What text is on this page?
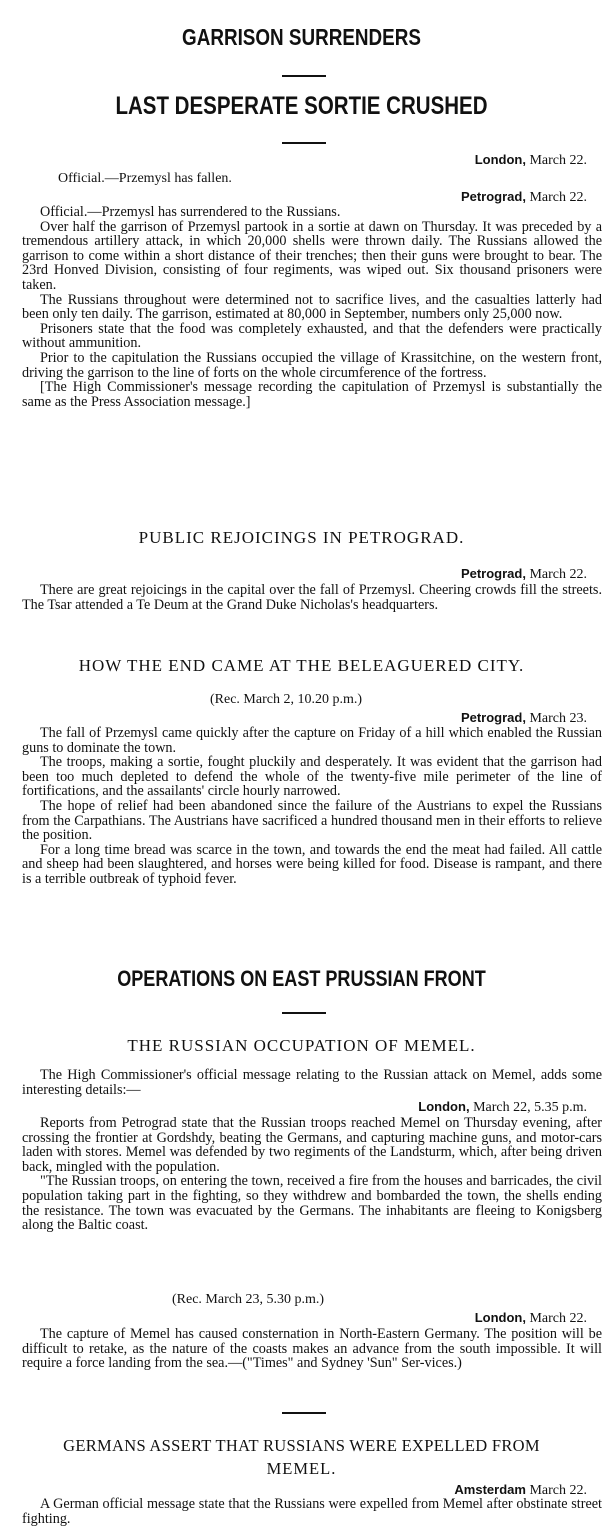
GARRISON SURRENDERS
LAST DESPERATE SORTIE CRUSHED
London, March 22.
Official.—Przemysl has fallen.
Petrograd, March 22.

Official.—Przemysl has surrendered to the Russians.

Over half the garrison of Przemysl partook in a sortie at dawn on Thursday. It was preceded by a tremendous artillery attack, in which 20,000 shells were thrown daily. The Russians allowed the garrison to come within a short distance of their trenches; then their guns were brought to bear. The 23rd Honved Division, consisting of four regiments, was wiped out. Six thousand prisoners were taken.

The Russians throughout were determined not to sacrifice lives, and the casualties latterly had been only ten daily. The garrison, estimated at 80,000 in September, numbers only 25,000 now.

Prisoners state that the food was completely exhausted, and that the defenders were practically without ammunition.

Prior to the capitulation the Russians occupied the village of Krassitchine, on the western front, driving the garrison to the line of forts on the whole circumference of the fortress.

[The High Commissioner's message recording the capitulation of Przemysl is substantially the same as the Press Association message.]

PUBLIC REJOICINGS IN PETROGRAD.
Petrograd, March 22.

There are great rejoicings in the capital over the fall of Przemysl. Cheering crowds fill the streets. The Tsar attended a Te Deum at the Grand Duke Nicholas's headquarters.

HOW THE END CAME AT THE BELEAGUERED CITY.
(Rec. March 2, 10.20 p.m.)
Petrograd, March 23.

The fall of Przemysl came quickly after the capture on Friday of a hill which enabled the Russian guns to dominate the town.

The troops, making a sortie, fought pluckily and desperately. It was evident that the garrison had been too much depleted to defend the whole of the twenty-five mile perimeter of the line of fortifications, and the assailants' circle hourly narrowed.

The hope of relief had been abandoned since the failure of the Austrians to expel the Russians from the Carpathians. The Austrians have sacrificed a hundred thousand men in their efforts to relieve the position.

For a long time bread was scarce in the town, and towards the end the meat had failed. All cattle and sheep had been slaughtered, and horses were being killed for food. Disease is rampant, and there is a terrible outbreak of typhoid fever.

OPERATIONS ON EAST PRUSSIAN FRONT
THE RUSSIAN OCCUPATION OF MEMEL.

The High Commissioner's official message relating to the Russian attack on Memel, adds some interesting details:—

London, March 22, 5.35 p.m.

Reports from Petrograd state that the Russian troops reached Memel on Thursday evening, after crossing the frontier at Gordshdy, beating the Germans, and capturing machine guns, and motor-cars laden with stores. Memel was defended by two regiments of the Landsturm, which, after being driven back, mingled with the population.

"The Russian troops, on entering the town, received a fire from the houses and barricades, the civil population taking part in the fighting, so they withdrew and bombarded the town, the shells ending the resistance. The town was evacuated by the Germans. The inhabitants are fleeing to Konigsberg along the Baltic coast.

(Rec. March 23, 5.30 p.m.)
London, March 22.

The capture of Memel has caused consternation in North-Eastern Germany. The position will be difficult to retake, as the nature of the coasts makes an advance from the south impossible. It will require a force landing from the sea.—("Times" and Sydney 'Sun" Ser-vices.)

GERMANS ASSERT THAT RUSSIANS WERE EXPELLED FROM
MEMEL.
Amsterdam March 22.

A German official message state that the Russians were expelled from Memel after obstinate street fighting.
